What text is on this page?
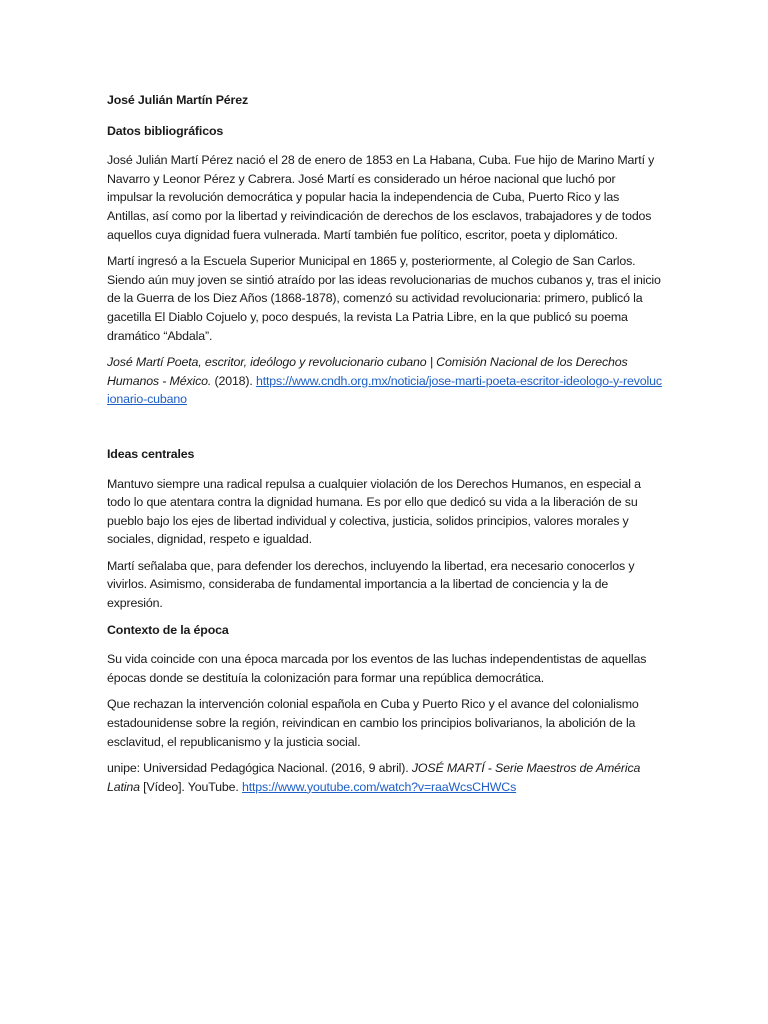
José Julián Martín Pérez
Datos bibliográficos

José Julián Martí Pérez nació el 28 de enero de 1853 en La Habana, Cuba. Fue hijo de Marino Martí y Navarro y Leonor Pérez y Cabrera. José Martí es considerado un héroe nacional que luchó por impulsar la revolución democrática y popular hacia la independencia de Cuba, Puerto Rico y las Antillas, así como por la libertad y reivindicación de derechos de los esclavos, trabajadores y de todos aquellos cuya dignidad fuera vulnerada. Martí también fue político, escritor, poeta y diplomático.

Martí ingresó a la Escuela Superior Municipal en 1865 y, posteriormente, al Colegio de San Carlos. Siendo aún muy joven se sintió atraído por las ideas revolucionarias de muchos cubanos y, tras el inicio de la Guerra de los Diez Años (1868-1878), comenzó su actividad revolucionaria: primero, publicó la gacetilla El Diablo Cojuelo y, poco después, la revista La Patria Libre, en la que publicó su poema dramático “Abdala”.

José Martí Poeta, escritor, ideólogo y revolucionario cubano | Comisión Nacional de los Derechos Humanos - México. (2018). https://www.cndh.org.mx/noticia/jose-marti-poeta-escritor-ideologo-y-revolucionario-cubano

Ideas centrales

Mantuvo siempre una radical repulsa a cualquier violación de los Derechos Humanos, en especial a todo lo que atentara contra la dignidad humana. Es por ello que dedicó su vida a la liberación de su pueblo bajo los ejes de libertad individual y colectiva, justicia, solidos principios, valores morales y sociales, dignidad, respeto e igualdad.

Martí señalaba que, para defender los derechos, incluyendo la libertad, era necesario conocerlos y vivirlos. Asimismo, consideraba de fundamental importancia a la libertad de conciencia y la de expresión.

Contexto de la época

Su vida coincide con una época marcada por los eventos de las luchas independentistas de aquellas épocas donde se destituía la colonización para formar una república democrática.

Que rechazan la intervención colonial española en Cuba y Puerto Rico y el avance del colonialismo estadounidense sobre la región, reivindican en cambio los principios bolivarianos, la abolición de la esclavitud, el republicanismo y la justicia social.

unipe: Universidad Pedagógica Nacional. (2016, 9 abril). JOSÉ MARTÍ - Serie Maestros de América Latina [Vídeo]. YouTube. https://www.youtube.com/watch?v=raaWcsCHWCs
